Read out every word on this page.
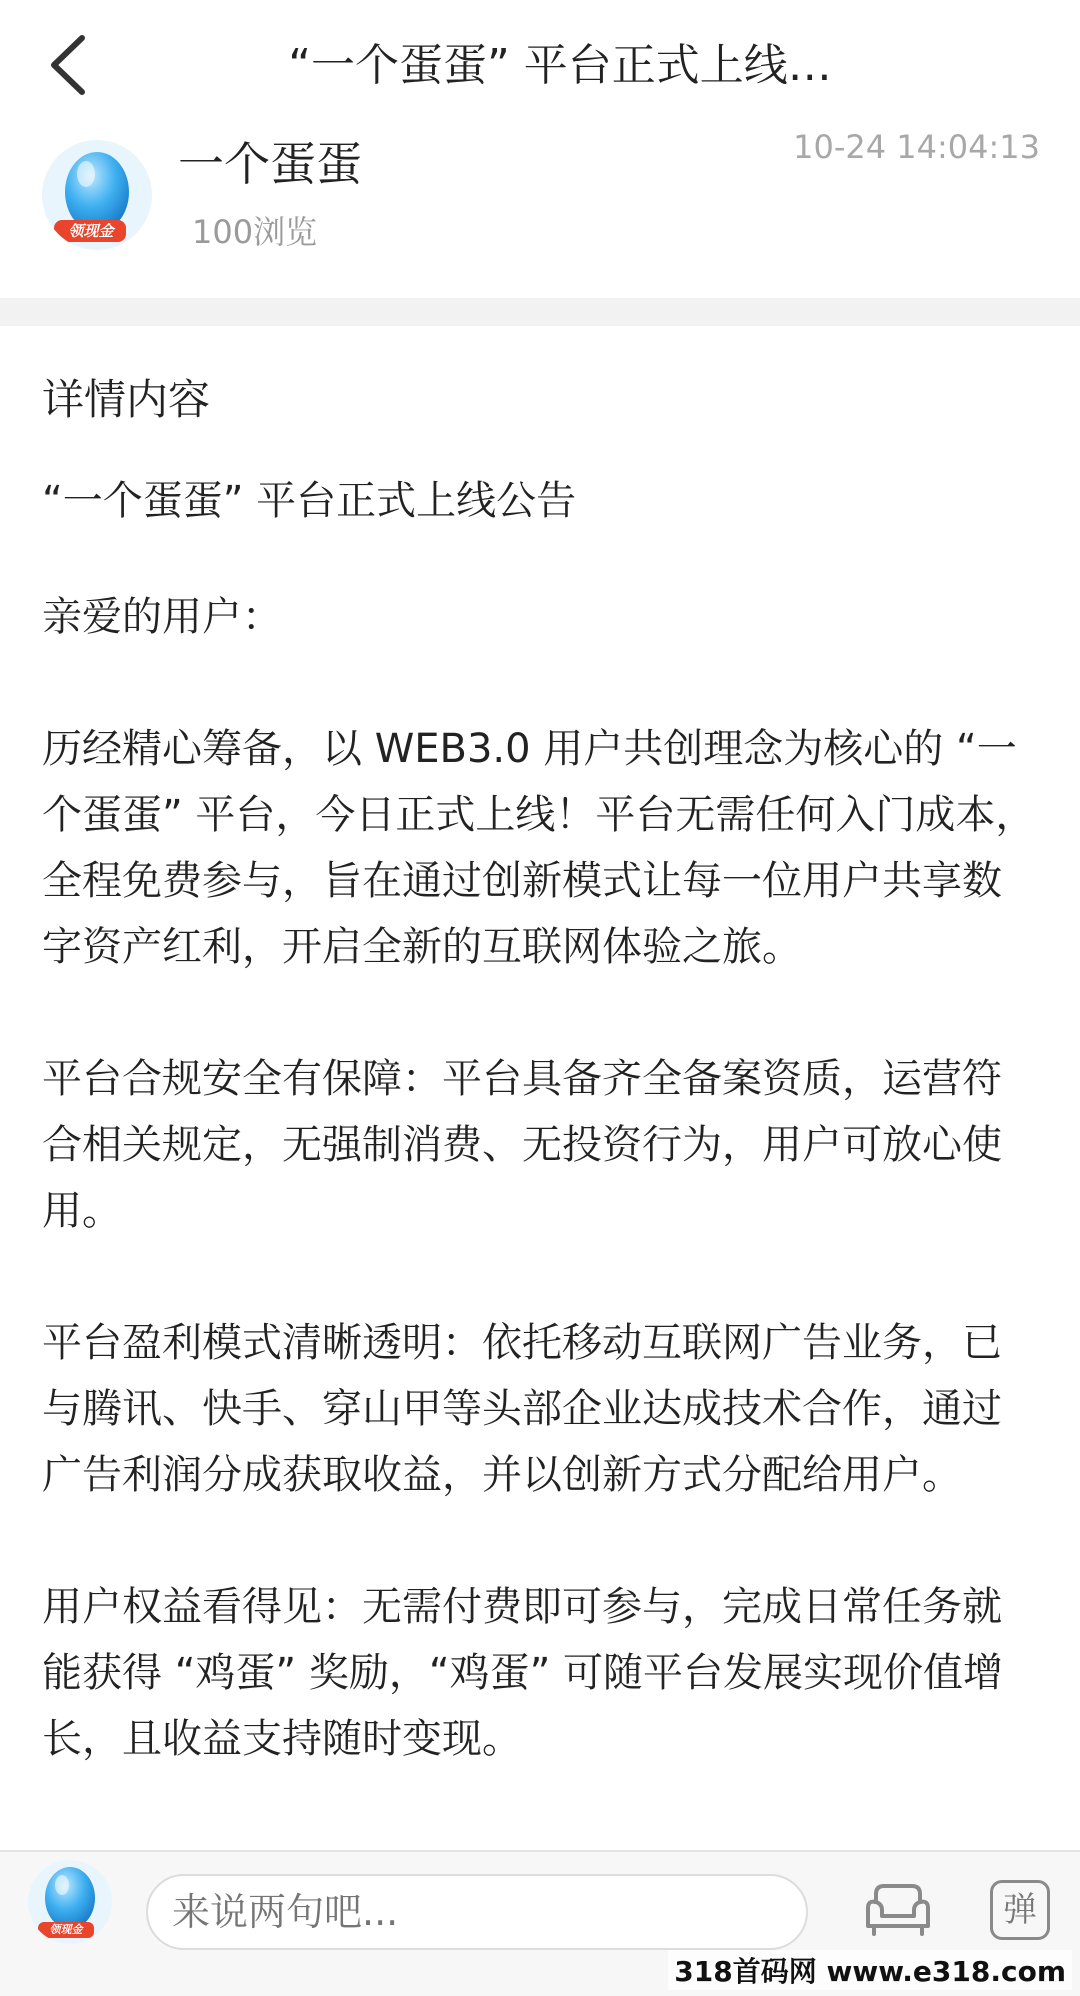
“一个蛋蛋” 平台正式上线…
领现金
一个蛋蛋
100浏览
10-24 14:04:13
详情内容

“一个蛋蛋” 平台正式上线公告

亲爱的用户：

历经精心筹备，以 WEB3.0 用户共创理念为核心的 “一个蛋蛋” 平台，今日正式上线！平台无需任何入门成本，全程免费参与，旨在通过创新模式让每一位用户共享数字资产红利，开启全新的互联网体验之旅。

平台合规安全有保障：平台具备齐全备案资质，运营符合相关规定，无强制消费、无投资行为，用户可放心使用。

平台盈利模式清晰透明：依托移动互联网广告业务，已与腾讯、快手、穿山甲等头部企业达成技术合作，通过广告利润分成获取收益，并以创新方式分配给用户。

用户权益看得见：无需付费即可参与，完成日常任务就能获得 “鸡蛋” 奖励，“鸡蛋” 可随平台发展实现价值增长，且收益支持随时变现。

领现金
来说两句吧...	弹
318首码网 www.e318.com
